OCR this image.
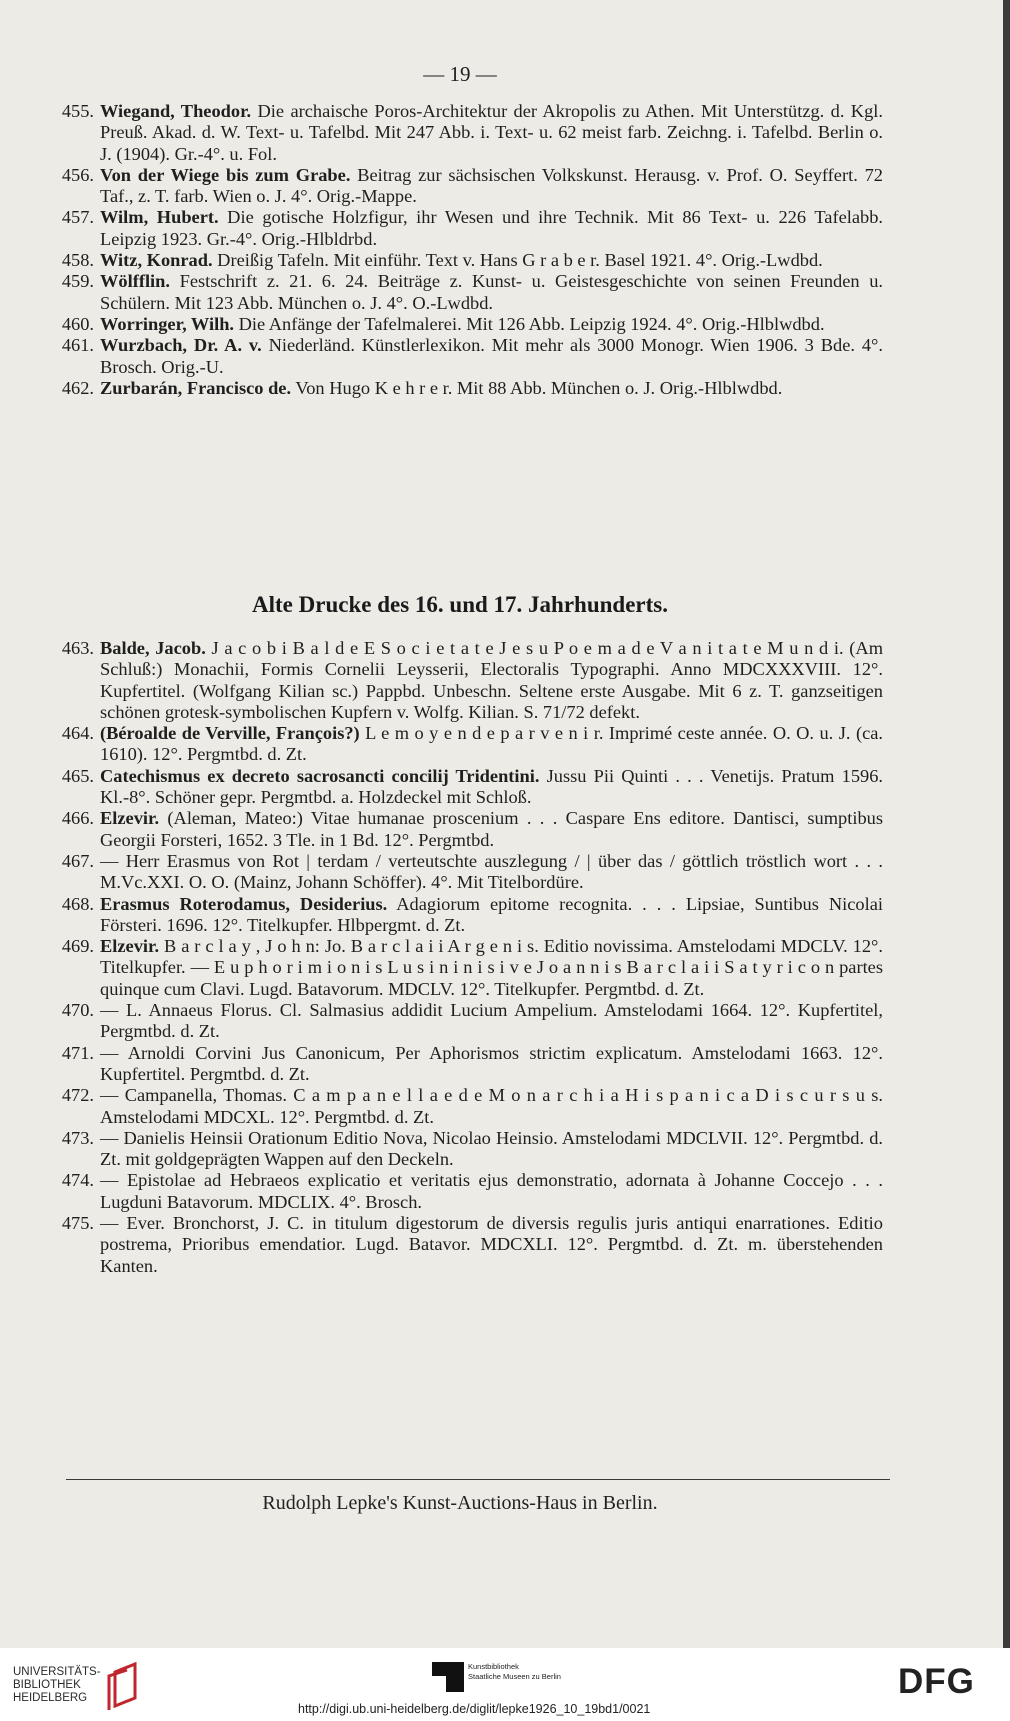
— 19 —
455. Wiegand, Theodor. Die archaische Poros-Architektur der Akropolis zu Athen. Mit Unterstützg. d. Kgl. Preuß. Akad. d. W. Text- u. Tafelbd. Mit 247 Abb. i. Text- u. 62 meist farb. Zeichng. i. Tafelbd. Berlin o. J. (1904). Gr.-4°. u. Fol.
456. Von der Wiege bis zum Grabe. Beitrag zur sächsischen Volkskunst. Herausg. v. Prof. O. Seyffert. 72 Taf., z. T. farb. Wien o. J. 4°. Orig.-Mappe.
457. Wilm, Hubert. Die gotische Holzfigur, ihr Wesen und ihre Technik. Mit 86 Text- u. 226 Tafelabb. Leipzig 1923. Gr.-4°. Orig.-Hlbldrbd.
458. Witz, Konrad. Dreißig Tafeln. Mit einführ. Text v. Hans G r a b e r. Basel 1921. 4°. Orig.-Lwdbd.
459. Wölfflin. Festschrift z. 21. 6. 24. Beiträge z. Kunst- u. Geistesgeschichte von seinen Freunden u. Schülern. Mit 123 Abb. München o. J. 4°. O.-Lwdbd.
460. Worringer, Wilh. Die Anfänge der Tafelmalerei. Mit 126 Abb. Leipzig 1924. 4°. Orig.-Hlblwdbd.
461. Wurzbach, Dr. A. v. Niederländ. Künstlerlexikon. Mit mehr als 3000 Monogr. Wien 1906. 3 Bde. 4°. Brosch. Orig.-U.
462. Zurbarán, Francisco de. Von Hugo K e h r e r. Mit 88 Abb. München o. J. Orig.-Hlblwdbd.
Alte Drucke des 16. und 17. Jahrhunderts.
463. Balde, Jacob. J a c o b i B a l d e E S o c i e t a t e J e s u P o e m a d e V a n i t a t e M u n d i. (Am Schluß:) Monachii, Formis Cornelii Leysserii, Electoralis Typographi. Anno MDCXXXVIII. 12°. Kupfertitel. (Wolfgang Kilian sc.) Pappbd. Unbeschn. Seltene erste Ausgabe. Mit 6 z. T. ganzseitigen schönen grotesk-symbolischen Kupfern v. Wolfg. Kilian. S. 71/72 defekt.
464. (Béroalde de Verville, François?) L e m o y e n d e p a r v e n i r. Imprimé ceste année. O. O. u. J. (ca. 1610). 12°. Pergmtbd. d. Zt.
465. Catechismus ex decreto sacrosancti concilij Tridentini. Jussu Pii Quinti . . . Venetijs. Pratum 1596. Kl.-8°. Schöner gepr. Pergmtbd. a. Holzdeckel mit Schloß.
466. Elzevir. (Aleman, Mateo:) Vitae humanae proscenium . . . Caspare Ens editore. Dantisci, sumptibus Georgii Forsteri, 1652. 3 Tle. in 1 Bd. 12°. Pergmtbd.
467. — Herr Erasmus von Rot | terdam / verteutschte auszlegung / | über das / göttlich tröstlich wort . . . M.Vc.XXI. O. O. (Mainz, Johann Schöffer). 4°. Mit Titelbordüre.
468. Erasmus Roterodamus, Desiderius. Adagiorum epitome recognita. . . . Lipsiae, Suntibus Nicolai Försteri. 1696. 12°. Titelkupfer. Hlbpergmt. d. Zt.
469. Elzevir. B a r c l a y , J o h n: Jo. B a r c l a i i A r g e n i s. Editio novissima. Amstelodami MDCLV. 12°. Titelkupfer. — E u p h o r i m i o n i s L u s i n i n i s i v e J o a n n i s B a r c l a i i S a t y r i c o n partes quinque cum Clavi. Lugd. Batavorum. MDCLV. 12°. Titelkupfer. Pergmtbd. d. Zt.
470. — L. Annaeus Florus. Cl. Salmasius addidit Lucium Ampelium. Amstelodami 1664. 12°. Kupfertitel, Pergmtbd. d. Zt.
471. — Arnoldi Corvini Jus Canonicum, Per Aphorismos strictim explicatum. Amstelodami 1663. 12°. Kupfertitel. Pergmtbd. d. Zt.
472. — Campanella, Thomas. C a m p a n e l l a e d e M o n a r c h i a H i s p a n i c a D i s c u r s u s. Amstelodami MDCXL. 12°. Pergmtbd. d. Zt.
473. — Danielis Heinsii Orationum Editio Nova, Nicolao Heinsio. Amstelodami MDCLVII. 12°. Pergmtbd. d. Zt. mit goldgeprägten Wappen auf den Deckeln.
474. — Epistolae ad Hebraeos explicatio et veritatis ejus demonstratio, adornata à Johanne Coccejo . . . Lugduni Batavorum. MDCLIX. 4°. Brosch.
475. — Ever. Bronchorst, J. C. in titulum digestorum de diversis regulis juris antiqui enarrationes. Editio postrema, Prioribus emendatior. Lugd. Batavor. MDCXLI. 12°. Pergmtbd. d. Zt. m. überstehenden Kanten.
Rudolph Lepke's Kunst-Auctions-Haus in Berlin.
UNIVERSITÄTS-
BIBLIOTHEK
HEIDELBERG
Kunstbibliothek
Staatliche Museen zu Berlin	DFG
http://digi.ub.uni-heidelberg.de/diglit/lepke1926_10_19bd1/0021
